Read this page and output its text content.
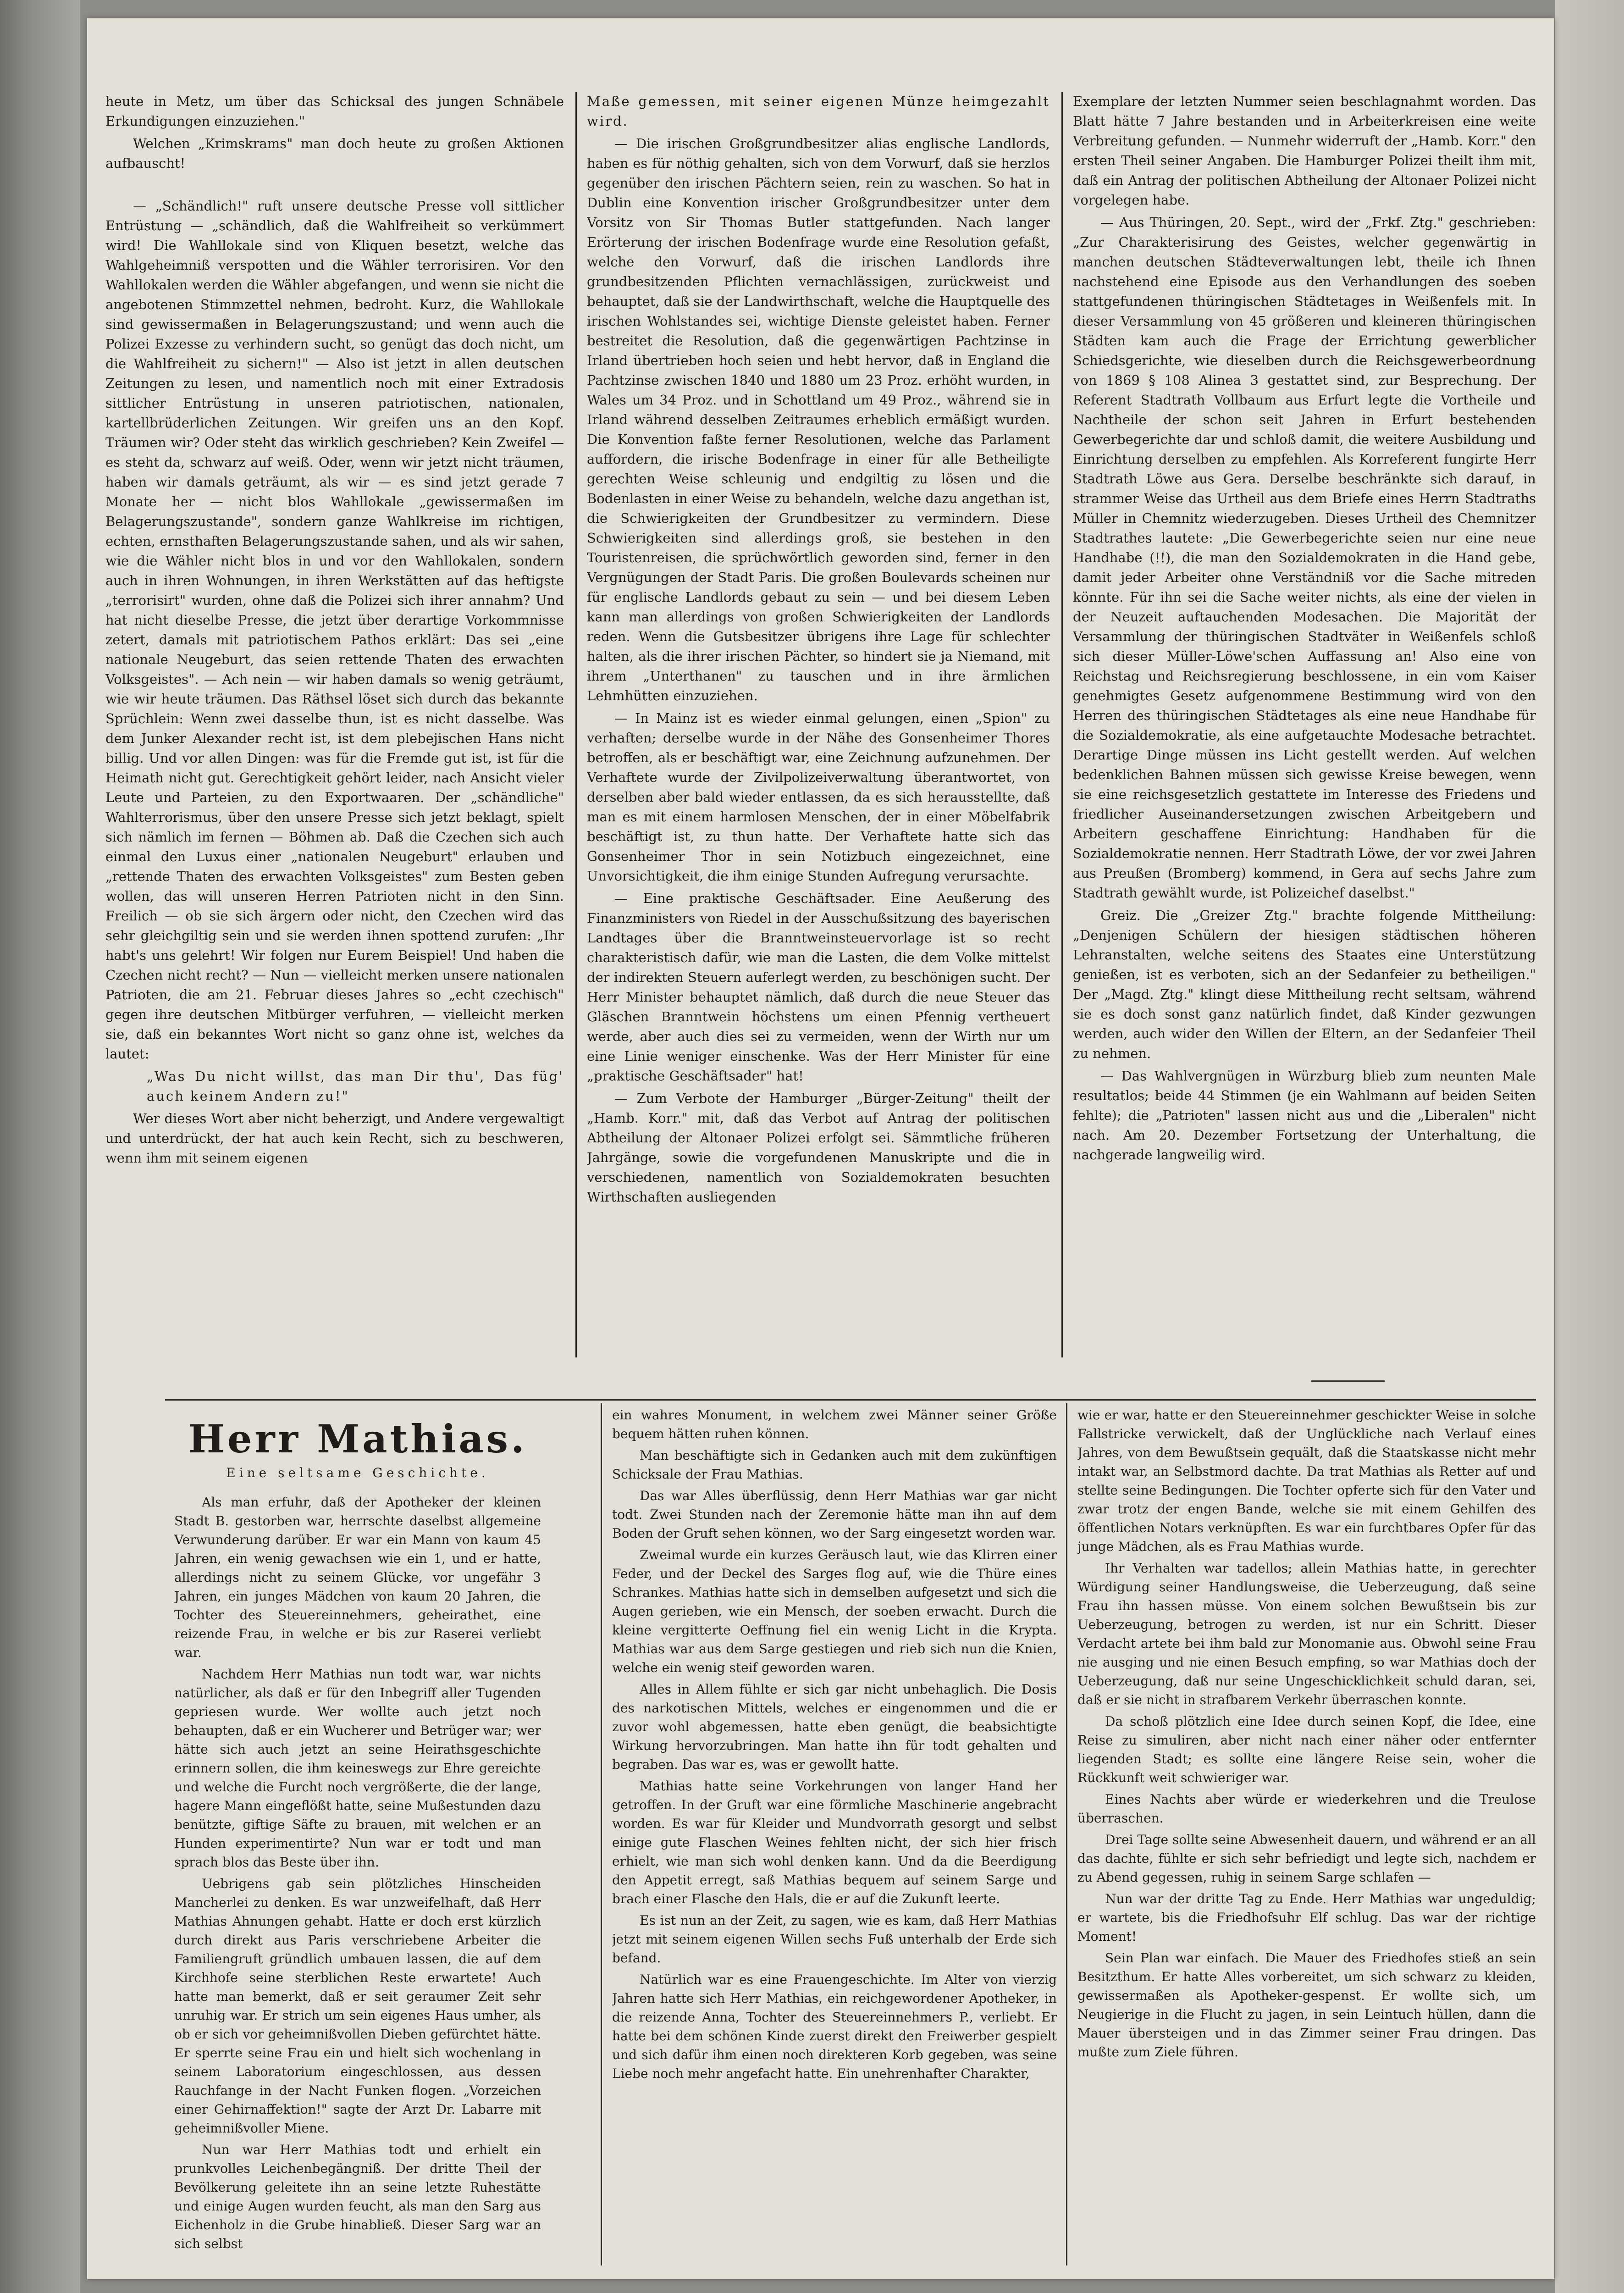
heute in Metz, um über das Schicksal des jungen Schnäbele Erkundigungen einzuziehen."

Welchen „Krimskrams" man doch heute zu großen Aktionen aufbauscht!

— „Schändlich!" ruft unsere deutsche Presse voll sittlicher Entrüstung — „schändlich, daß die Wahlfreiheit so verkümmert wird! Die Wahllokale sind von Kliquen besetzt, welche das Wahlgeheimniß verspotten und die Wähler terrorisiren. Vor den Wahllokalen werden die Wähler abgefangen, und wenn sie nicht die angebotenen Stimmzettel nehmen, bedroht. Kurz, die Wahllokale sind gewissermaßen in Belagerungszustand; und wenn auch die Polizei Exzesse zu verhindern sucht, so genügt das doch nicht, um die Wahlfreiheit zu sichern!" — Also ist jetzt in allen deutschen Zeitungen zu lesen, und namentlich noch mit einer Extradosis sittlicher Entrüstung in unseren patriotischen, nationalen, kartellbrüderlichen Zeitungen. Wir greifen uns an den Kopf. Träumen wir? Oder steht das wirklich geschrieben? Kein Zweifel — es steht da, schwarz auf weiß. Oder, wenn wir jetzt nicht träumen, haben wir damals geträumt, als wir — es sind jetzt gerade 7 Monate her — nicht blos Wahllokale „gewissermaßen im Belagerungszustande", sondern ganze Wahlkreise im richtigen, echten, ernsthaften Belagerungszustande sahen, und als wir sahen, wie die Wähler nicht blos in und vor den Wahllokalen, sondern auch in ihren Wohnungen, in ihren Werkstätten auf das heftigste „terrorisirt" wurden, ohne daß die Polizei sich ihrer annahm? Und hat nicht dieselbe Presse, die jetzt über derartige Vorkommnisse zetert, damals mit patriotischem Pathos erklärt: Das sei „eine nationale Neugeburt, das seien rettende Thaten des erwachten Volksgeistes". — Ach nein — wir haben damals so wenig geträumt, wie wir heute träumen. Das Räthsel löset sich durch das bekannte Sprüchlein: Wenn zwei dasselbe thun, ist es nicht dasselbe. Was dem Junker Alexander recht ist, ist dem plebejischen Hans nicht billig. Und vor allen Dingen: was für die Fremde gut ist, ist für die Heimath nicht gut. Gerechtigkeit gehört leider, nach Ansicht vieler Leute und Parteien, zu den Exportwaaren. Der „schändliche" Wahlterrorismus, über den unsere Presse sich jetzt beklagt, spielt sich nämlich im fernen — Böhmen ab. Daß die Czechen sich auch einmal den Luxus einer „nationalen Neugeburt" erlauben und „rettende Thaten des erwachten Volksgeistes" zum Besten geben wollen, das will unseren Herren Patrioten nicht in den Sinn. Freilich — ob sie sich ärgern oder nicht, den Czechen wird das sehr gleichgiltig sein und sie werden ihnen spottend zurufen: „Ihr habt's uns gelehrt! Wir folgen nur Eurem Beispiel! Und haben die Czechen nicht recht? — Nun — vielleicht merken unsere nationalen Patrioten, die am 21. Februar dieses Jahres so „echt czechisch" gegen ihre deutschen Mitbürger verfuhren, — vielleicht merken sie, daß ein bekanntes Wort nicht so ganz ohne ist, welches da lautet:

„Was Du nicht willst, das man Dir thu', Das füg' auch keinem Andern zu!"

Wer dieses Wort aber nicht beherzigt, und Andere vergewaltigt und unterdrückt, der hat auch kein Recht, sich zu beschweren, wenn ihm mit seinem eigenen

Maße gemessen, mit seiner eigenen Münze heimgezahlt wird.

— Die irischen Großgrundbesitzer alias englische Landlords, haben es für nöthig gehalten, sich von dem Vorwurf, daß sie herzlos gegenüber den irischen Pächtern seien, rein zu waschen. So hat in Dublin eine Konvention irischer Großgrundbesitzer unter dem Vorsitz von Sir Thomas Butler stattgefunden. Nach langer Erörterung der irischen Bodenfrage wurde eine Resolution gefaßt, welche den Vorwurf, daß die irischen Landlords ihre grundbesitzenden Pflichten vernachlässigen, zurückweist und behauptet, daß sie der Landwirthschaft, welche die Hauptquelle des irischen Wohlstandes sei, wichtige Dienste geleistet haben. Ferner bestreitet die Resolution, daß die gegenwärtigen Pachtzinse in Irland übertrieben hoch seien und hebt hervor, daß in England die Pachtzinse zwischen 1840 und 1880 um 23 Proz. erhöht wurden, in Wales um 34 Proz. und in Schottland um 49 Proz., während sie in Irland während desselben Zeitraumes erheblich ermäßigt wurden. Die Konvention faßte ferner Resolutionen, welche das Parlament auffordern, die irische Bodenfrage in einer für alle Betheiligte gerechten Weise schleunig und endgiltig zu lösen und die Bodenlasten in einer Weise zu behandeln, welche dazu angethan ist, die Schwierigkeiten der Grundbesitzer zu vermindern. Diese Schwierigkeiten sind allerdings groß, sie bestehen in den Touristenreisen, die sprüchwörtlich geworden sind, ferner in den Vergnügungen der Stadt Paris. Die großen Boulevards scheinen nur für englische Landlords gebaut zu sein — und bei diesem Leben kann man allerdings von großen Schwierigkeiten der Landlords reden. Wenn die Gutsbesitzer übrigens ihre Lage für schlechter halten, als die ihrer irischen Pächter, so hindert sie ja Niemand, mit ihrem „Unterthanen" zu tauschen und in ihre ärmlichen Lehmhütten einzuziehen.

— In Mainz ist es wieder einmal gelungen, einen „Spion" zu verhaften; derselbe wurde in der Nähe des Gonsenheimer Thores betroffen, als er beschäftigt war, eine Zeichnung aufzunehmen. Der Verhaftete wurde der Zivilpolizeiverwaltung überantwortet, von derselben aber bald wieder entlassen, da es sich herausstellte, daß man es mit einem harmlosen Menschen, der in einer Möbelfabrik beschäftigt ist, zu thun hatte. Der Verhaftete hatte sich das Gonsenheimer Thor in sein Notizbuch eingezeichnet, eine Unvorsichtigkeit, die ihm einige Stunden Aufregung verursachte.

— Eine praktische Geschäftsader. Eine Aeußerung des Finanzministers von Riedel in der Ausschußsitzung des bayerischen Landtages über die Branntweinsteuervorlage ist so recht charakteristisch dafür, wie man die Lasten, die dem Volke mittelst der indirekten Steuern auferlegt werden, zu beschönigen sucht. Der Herr Minister behauptet nämlich, daß durch die neue Steuer das Gläschen Branntwein höchstens um einen Pfennig vertheuert werde, aber auch dies sei zu vermeiden, wenn der Wirth nur um eine Linie weniger einschenke. Was der Herr Minister für eine „praktische Geschäftsader" hat!

— Zum Verbote der Hamburger „Bürger-Zeitung" theilt der „Hamb. Korr." mit, daß das Verbot auf Antrag der politischen Abtheilung der Altonaer Polizei erfolgt sei. Sämmtliche früheren Jahrgänge, sowie die vorgefundenen Manuskripte und die in verschiedenen, namentlich von Sozialdemokraten besuchten Wirthschaften ausliegenden

Exemplare der letzten Nummer seien beschlagnahmt worden. Das Blatt hätte 7 Jahre bestanden und in Arbeiterkreisen eine weite Verbreitung gefunden. — Nunmehr widerruft der „Hamb. Korr." den ersten Theil seiner Angaben. Die Hamburger Polizei theilt ihm mit, daß ein Antrag der politischen Abtheilung der Altonaer Polizei nicht vorgelegen habe.

— Aus Thüringen, 20. Sept., wird der „Frkf. Ztg." geschrieben: „Zur Charakterisirung des Geistes, welcher gegenwärtig in manchen deutschen Städteverwaltungen lebt, theile ich Ihnen nachstehend eine Episode aus den Verhandlungen des soeben stattgefundenen thüringischen Städtetages in Weißenfels mit. In dieser Versammlung von 45 größeren und kleineren thüringischen Städten kam auch die Frage der Errichtung gewerblicher Schiedsgerichte, wie dieselben durch die Reichsgewerbeordnung von 1869 § 108 Alinea 3 gestattet sind, zur Besprechung. Der Referent Stadtrath Vollbaum aus Erfurt legte die Vortheile und Nachtheile der schon seit Jahren in Erfurt bestehenden Gewerbegerichte dar und schloß damit, die weitere Ausbildung und Einrichtung derselben zu empfehlen. Als Korreferent fungirte Herr Stadtrath Löwe aus Gera. Derselbe beschränkte sich darauf, in strammer Weise das Urtheil aus dem Briefe eines Herrn Stadtraths Müller in Chemnitz wiederzugeben. Dieses Urtheil des Chemnitzer Stadtrathes lautete: „Die Gewerbegerichte seien nur eine neue Handhabe (!!), die man den Sozialdemokraten in die Hand gebe, damit jeder Arbeiter ohne Verständniß vor die Sache mitreden könnte. Für ihn sei die Sache weiter nichts, als eine der vielen in der Neuzeit auftauchenden Modesachen. Die Majorität der Versammlung der thüringischen Stadtväter in Weißenfels schloß sich dieser Müller-Löwe'schen Auffassung an! Also eine von Reichstag und Reichsregierung beschlossene, in ein vom Kaiser genehmigtes Gesetz aufgenommene Bestimmung wird von den Herren des thüringischen Städtetages als eine neue Handhabe für die Sozialdemokratie, als eine aufgetauchte Modesache betrachtet. Derartige Dinge müssen ins Licht gestellt werden. Auf welchen bedenklichen Bahnen müssen sich gewisse Kreise bewegen, wenn sie eine reichsgesetzlich gestattete im Interesse des Friedens und friedlicher Auseinandersetzungen zwischen Arbeitgebern und Arbeitern geschaffene Einrichtung: Handhaben für die Sozialdemokratie nennen. Herr Stadtrath Löwe, der vor zwei Jahren aus Preußen (Bromberg) kommend, in Gera auf sechs Jahre zum Stadtrath gewählt wurde, ist Polizeichef daselbst."

Greiz. Die „Greizer Ztg." brachte folgende Mittheilung: „Denjenigen Schülern der hiesigen städtischen höheren Lehranstalten, welche seitens des Staates eine Unterstützung genießen, ist es verboten, sich an der Sedanfeier zu betheiligen." Der „Magd. Ztg." klingt diese Mittheilung recht seltsam, während sie es doch sonst ganz natürlich findet, daß Kinder gezwungen werden, auch wider den Willen der Eltern, an der Sedanfeier Theil zu nehmen.

— Das Wahlvergnügen in Würzburg blieb zum neunten Male resultatlos; beide 44 Stimmen (je ein Wahlmann auf beiden Seiten fehlte); die „Patrioten" lassen nicht aus und die „Liberalen" nicht nach. Am 20. Dezember Fortsetzung der Unterhaltung, die nachgerade langweilig wird.

Herr Mathias.
Eine seltsame Geschichte.

Als man erfuhr, daß der Apotheker der kleinen Stadt B. gestorben war, herrschte daselbst allgemeine Verwunderung darüber. Er war ein Mann von kaum 45 Jahren, ein wenig gewachsen wie ein 1, und er hatte, allerdings nicht zu seinem Glücke, vor ungefähr 3 Jahren, ein junges Mädchen von kaum 20 Jahren, die Tochter des Steuereinnehmers, geheirathet, eine reizende Frau, in welche er bis zur Raserei verliebt war.

Nachdem Herr Mathias nun todt war, war nichts natürlicher, als daß er für den Inbegriff aller Tugenden gepriesen wurde. Wer wollte auch jetzt noch behaupten, daß er ein Wucherer und Betrüger war; wer hätte sich auch jetzt an seine Heirathsgeschichte erinnern sollen, die ihm keineswegs zur Ehre gereichte und welche die Furcht noch vergrößerte, die der lange, hagere Mann eingeflößt hatte, seine Mußestunden dazu benützte, giftige Säfte zu brauen, mit welchen er an Hunden experimentirte? Nun war er todt und man sprach blos das Beste über ihn.

Uebrigens gab sein plötzliches Hinscheiden Mancherlei zu denken. Es war unzweifelhaft, daß Herr Mathias Ahnungen gehabt. Hatte er doch erst kürzlich durch direkt aus Paris verschriebene Arbeiter die Familiengruft gründlich umbauen lassen, die auf dem Kirchhofe seine sterblichen Reste erwartete! Auch hatte man bemerkt, daß er seit geraumer Zeit sehr unruhig war. Er strich um sein eigenes Haus umher, als ob er sich vor geheimnißvollen Dieben gefürchtet hätte. Er sperrte seine Frau ein und hielt sich wochenlang in seinem Laboratorium eingeschlossen, aus dessen Rauchfange in der Nacht Funken flogen. „Vorzeichen einer Gehirnaffektion!" sagte der Arzt Dr. Labarre mit geheimnißvoller Miene.

Nun war Herr Mathias todt und erhielt ein prunkvolles Leichenbegängniß. Der dritte Theil der Bevölkerung geleitete ihn an seine letzte Ruhestätte und einige Augen wurden feucht, als man den Sarg aus Eichenholz in die Grube hinabließ. Dieser Sarg war an sich selbst

ein wahres Monument, in welchem zwei Männer seiner Größe bequem hätten ruhen können.

Man beschäftigte sich in Gedanken auch mit dem zukünftigen Schicksale der Frau Mathias.

Das war Alles überflüssig, denn Herr Mathias war gar nicht todt. Zwei Stunden nach der Zeremonie hätte man ihn auf dem Boden der Gruft sehen können, wo der Sarg eingesetzt worden war.

Zweimal wurde ein kurzes Geräusch laut, wie das Klirren einer Feder, und der Deckel des Sarges flog auf, wie die Thüre eines Schrankes. Mathias hatte sich in demselben aufgesetzt und sich die Augen gerieben, wie ein Mensch, der soeben erwacht. Durch die kleine vergitterte Oeffnung fiel ein wenig Licht in die Krypta. Mathias war aus dem Sarge gestiegen und rieb sich nun die Knien, welche ein wenig steif geworden waren.

Alles in Allem fühlte er sich gar nicht unbehaglich. Die Dosis des narkotischen Mittels, welches er eingenommen und die er zuvor wohl abgemessen, hatte eben genügt, die beabsichtigte Wirkung hervorzubringen. Man hatte ihn für todt gehalten und begraben. Das war es, was er gewollt hatte.

Mathias hatte seine Vorkehrungen von langer Hand her getroffen. In der Gruft war eine förmliche Maschinerie angebracht worden. Es war für Kleider und Mundvorrath gesorgt und selbst einige gute Flaschen Weines fehlten nicht, der sich hier frisch erhielt, wie man sich wohl denken kann. Und da die Beerdigung den Appetit erregt, saß Mathias bequem auf seinem Sarge und brach einer Flasche den Hals, die er auf die Zukunft leerte.

Es ist nun an der Zeit, zu sagen, wie es kam, daß Herr Mathias jetzt mit seinem eigenen Willen sechs Fuß unterhalb der Erde sich befand.

Natürlich war es eine Frauengeschichte. Im Alter von vierzig Jahren hatte sich Herr Mathias, ein reichgewordener Apotheker, in die reizende Anna, Tochter des Steuereinnehmers P., verliebt. Er hatte bei dem schönen Kinde zuerst direkt den Freiwerber gespielt und sich dafür ihm einen noch direkteren Korb gegeben, was seine Liebe noch mehr angefacht hatte. Ein unehrenhafter Charakter,

wie er war, hatte er den Steuereinnehmer geschickter Weise in solche Fallstricke verwickelt, daß der Unglückliche nach Verlauf eines Jahres, von dem Bewußtsein gequält, daß die Staatskasse nicht mehr intakt war, an Selbstmord dachte. Da trat Mathias als Retter auf und stellte seine Bedingungen. Die Tochter opferte sich für den Vater und zwar trotz der engen Bande, welche sie mit einem Gehilfen des öffentlichen Notars verknüpften. Es war ein furchtbares Opfer für das junge Mädchen, als es Frau Mathias wurde.

Ihr Verhalten war tadellos; allein Mathias hatte, in gerechter Würdigung seiner Handlungsweise, die Ueberzeugung, daß seine Frau ihn hassen müsse. Von einem solchen Bewußtsein bis zur Ueberzeugung, betrogen zu werden, ist nur ein Schritt. Dieser Verdacht artete bei ihm bald zur Monomanie aus. Obwohl seine Frau nie ausging und nie einen Besuch empfing, so war Mathias doch der Ueberzeugung, daß nur seine Ungeschicklichkeit schuld daran, sei, daß er sie nicht in strafbarem Verkehr überraschen konnte.

Da schoß plötzlich eine Idee durch seinen Kopf, die Idee, eine Reise zu simuliren, aber nicht nach einer näher oder entfernter liegenden Stadt; es sollte eine längere Reise sein, woher die Rückkunft weit schwieriger war.

Eines Nachts aber würde er wiederkehren und die Treulose überraschen.

Drei Tage sollte seine Abwesenheit dauern, und während er an all das dachte, fühlte er sich sehr befriedigt und legte sich, nachdem er zu Abend gegessen, ruhig in seinem Sarge schlafen —

Nun war der dritte Tag zu Ende. Herr Mathias war ungeduldig; er wartete, bis die Friedhofsuhr Elf schlug. Das war der richtige Moment!

Sein Plan war einfach. Die Mauer des Friedhofes stieß an sein Besitzthum. Er hatte Alles vorbereitet, um sich schwarz zu kleiden, gewissermaßen als Apotheker-gespenst. Er wollte sich, um Neugierige in die Flucht zu jagen, in sein Leintuch hüllen, dann die Mauer übersteigen und in das Zimmer seiner Frau dringen. Das mußte zum Ziele führen.
